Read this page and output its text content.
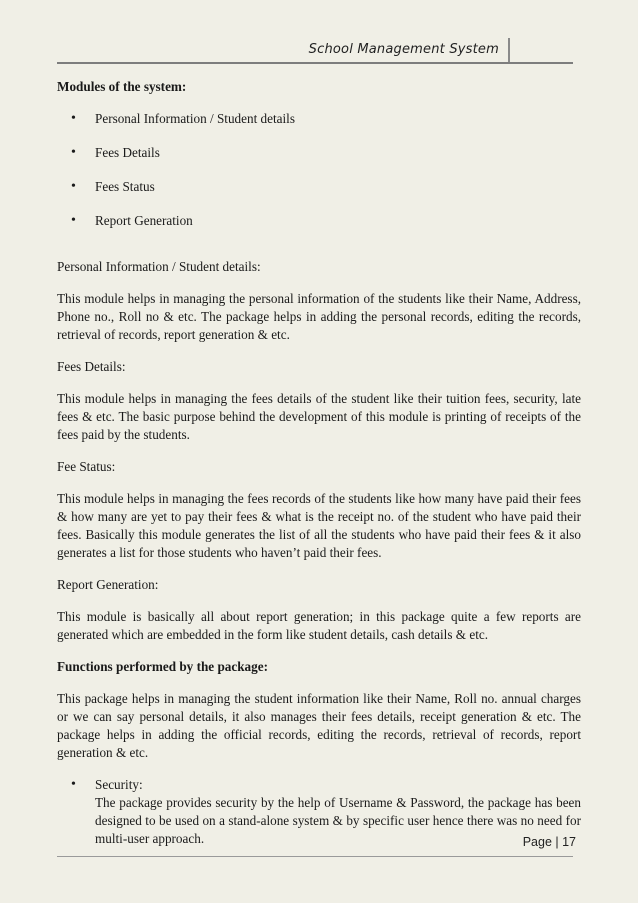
School Management System

Modules of the system:

• Personal Information / Student details
• Fees Details
• Fees Status
• Report Generation

Personal Information / Student details:

This module helps in managing the personal information of the students like their Name, Address, Phone no., Roll no & etc. The package helps in adding the personal records, editing the records, retrieval of records, report generation & etc.

Fees Details:

This module helps in managing the fees details of the student like their tuition fees, security, late fees & etc. The basic purpose behind the development of this module is printing of receipts of the fees paid by the students.

Fee Status:

This module helps in managing the fees records of the students like how many have paid their fees & how many are yet to pay their fees & what is the receipt no. of the student who have paid their fees. Basically this module generates the list of all the students who have paid their fees & it also generates a list for those students who haven’t paid their fees.

Report Generation:

This module is basically all about report generation; in this package quite a few reports are generated which are embedded in the form like student details, cash details & etc.

Functions performed by the package:

This package helps in managing the student information like their Name, Roll no. annual charges or we can say personal details, it also manages their fees details, receipt generation & etc. The package helps in adding the official records, editing the records, retrieval of records, report generation & etc.

• Security:

The package provides security by the help of Username & Password, the package has been designed to be used on a stand-alone system & by specific user hence there was no need for multi-user approach.	Page | 17
